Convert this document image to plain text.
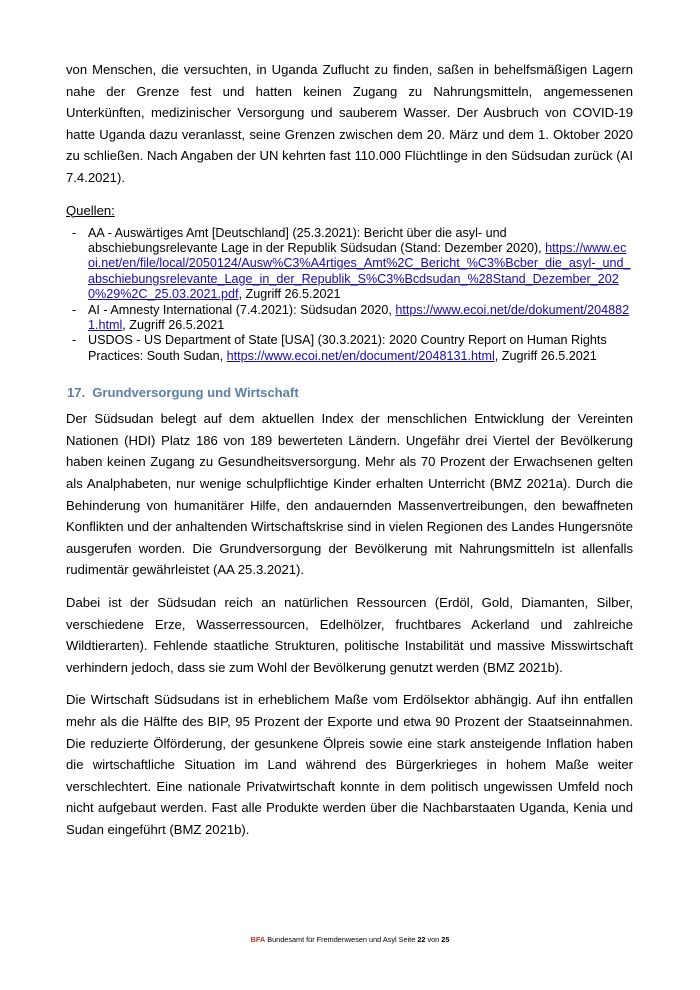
von Menschen, die versuchten, in Uganda Zuflucht zu finden, saßen in behelfsmäßigen Lagern nahe der Grenze fest und hatten keinen Zugang zu Nahrungsmitteln, angemessenen Unterkünften, medizinischer Versorgung und sauberem Wasser. Der Ausbruch von COVID-19 hatte Uganda dazu veranlasst, seine Grenzen zwischen dem 20. März und dem 1. Oktober 2020 zu schließen. Nach Angaben der UN kehrten fast 110.000 Flüchtlinge in den Südsudan zurück (AI 7.4.2021).

Quellen:
- AA - Auswärtiges Amt [Deutschland] (25.3.2021): Bericht über die asyl- und abschiebungsrelevante Lage in der Republik Südsudan (Stand: Dezember 2020), https://www.ecoi.net/en/file/local/2050124/Ausw%C3%A4rtiges_Amt%2C_Bericht_%C3%Bcber_die_asyl-_und_abschiebungsrelevante_Lage_in_der_Republik_S%C3%Bcdsudan_%28Stand_Dezember_2020%29%2C_25.03.2021.pdf, Zugriff 26.5.2021
- AI - Amnesty International (7.4.2021): Südsudan 2020, https://www.ecoi.net/de/dokument/2048821.html, Zugriff 26.5.2021
- USDOS - US Department of State [USA] (30.3.2021): 2020 Country Report on Human Rights Practices: South Sudan, https://www.ecoi.net/en/document/2048131.html, Zugriff 26.5.2021
17. Grundversorgung und Wirtschaft

Der Südsudan belegt auf dem aktuellen Index der menschlichen Entwicklung der Vereinten Nationen (HDI) Platz 186 von 189 bewerteten Ländern. Ungefähr drei Viertel der Bevölkerung haben keinen Zugang zu Gesundheitsversorgung. Mehr als 70 Prozent der Erwachsenen gelten als Analphabeten, nur wenige schulpflichtige Kinder erhalten Unterricht (BMZ 2021a). Durch die Behinderung von humanitärer Hilfe, den andauernden Massenvertreibungen, den bewaffneten Konflikten und der anhaltenden Wirtschaftskrise sind in vielen Regionen des Landes Hungersnöte ausgerufen worden. Die Grundversorgung der Bevölkerung mit Nahrungsmitteln ist allenfalls rudimentär gewährleistet (AA 25.3.2021).

Dabei ist der Südsudan reich an natürlichen Ressourcen (Erdöl, Gold, Diamanten, Silber, verschiedene Erze, Wasserressourcen, Edelhölzer, fruchtbares Ackerland und zahlreiche Wildtierarten). Fehlende staatliche Strukturen, politische Instabilität und massive Misswirtschaft verhindern jedoch, dass sie zum Wohl der Bevölkerung genutzt werden (BMZ 2021b).

Die Wirtschaft Südsudans ist in erheblichem Maße vom Erdölsektor abhängig. Auf ihn entfallen mehr als die Hälfte des BIP, 95 Prozent der Exporte und etwa 90 Prozent der Staatseinnahmen. Die reduzierte Ölförderung, der gesunkene Ölpreis sowie eine stark ansteigende Inflation haben die wirtschaftliche Situation im Land während des Bürgerkrieges in hohem Maße weiter verschlechtert. Eine nationale Privatwirtschaft konnte in dem politisch ungewissen Umfeld noch nicht aufgebaut werden. Fast alle Produkte werden über die Nachbarstaaten Uganda, Kenia und Sudan eingeführt (BMZ 2021b).

BFA Bundesamt für Fremdenwesen und Asyl Seite 22 von 25
